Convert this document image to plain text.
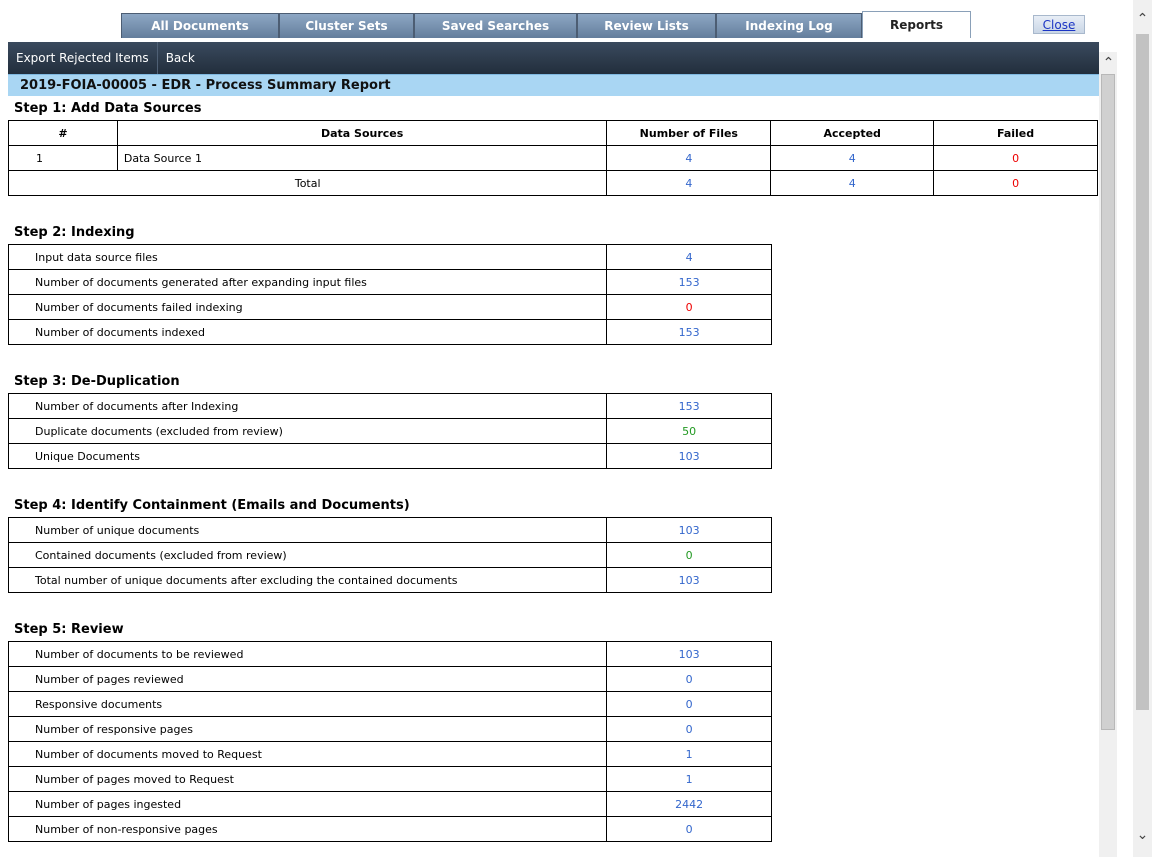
All Documents	Cluster Sets	Saved Searches	Review Lists	Indexing Log	Reports	Close	⌃
⌄
Export Rejected Items	Back	⌃
2019-FOIA-00005 - EDR - Process Summary Report
Step 1: Add Data Sources
#	Data Sources	Number of Files	Accepted	Failed
1	Data Source 1	4	4	0
Total		4	4	0
Step 2: Indexing
Input data source files	4
Number of documents generated after expanding input files	153
Number of documents failed indexing	0
Number of documents indexed	153
Step 3: De-Duplication
Number of documents after Indexing	153
Duplicate documents (excluded from review)	50
Unique Documents	103
Step 4: Identify Containment (Emails and Documents)
Number of unique documents	103
Contained documents (excluded from review)	0
Total number of unique documents after excluding the contained documents	103
Step 5: Review
Number of documents to be reviewed	103
Number of pages reviewed	0
Responsive documents	0
Number of responsive pages	0
Number of documents moved to Request	1
Number of pages moved to Request	1
Number of pages ingested	2442
Number of non-responsive pages	0
